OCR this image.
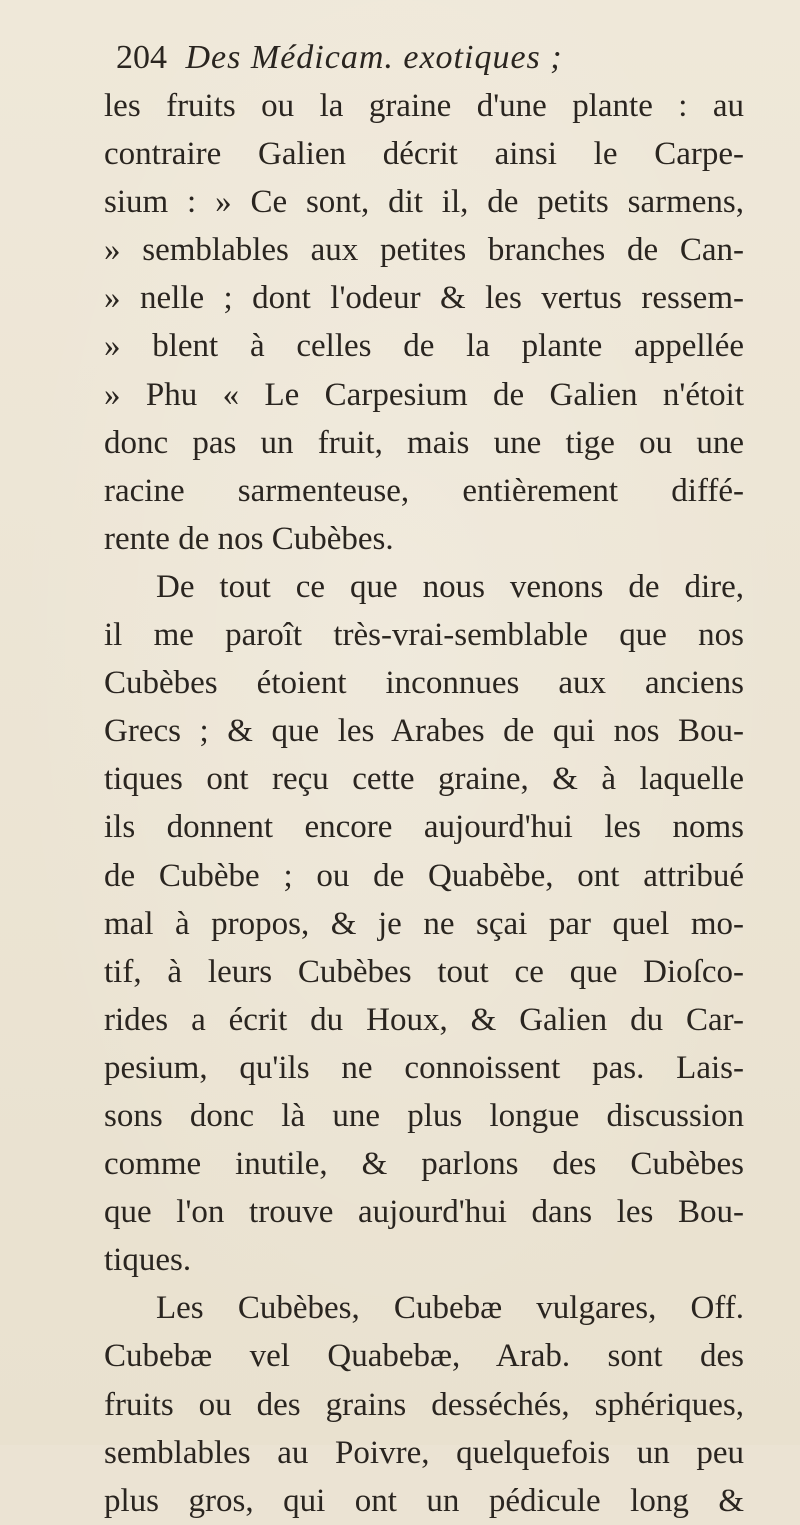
204 Des Médicam. exotiques ;
les fruits ou la graine d'une plante : au
contraire Galien décrit ainsi le Carpe-
sium : » Ce sont, dit il, de petits sarmens,
» semblables aux petites branches de Can-
» nelle ; dont l'odeur & les vertus ressem-
» blent à celles de la plante appellée
» Phu « Le Carpesium de Galien n'étoit
donc pas un fruit, mais une tige ou une
racine sarmenteuse, entièrement diffé-
rente de nos Cubèbes.
De tout ce que nous venons de dire,
il me paroît très-vrai-semblable que nos
Cubèbes étoient inconnues aux anciens
Grecs ; & que les Arabes de qui nos Bou-
tiques ont reçu cette graine, & à laquelle
ils donnent encore aujourd'hui les noms
de Cubèbe ; ou de Quabèbe, ont attribué
mal à propos, & je ne sçai par quel mo-
tif, à leurs Cubèbes tout ce que Dioſco-
rides a écrit du Houx, & Galien du Car-
pesium, qu'ils ne connoissent pas. Lais-
sons donc là une plus longue discussion
comme inutile, & parlons des Cubèbes
que l'on trouve aujourd'hui dans les Bou-
tiques.
Les Cubèbes, Cubebæ vulgares, Off.
Cubebæ vel Quabebæ, Arab. sont des
fruits ou des grains desséchés, sphériques,
semblables au Poivre, quelquefois un peu
plus gros, qui ont un pédicule long &
